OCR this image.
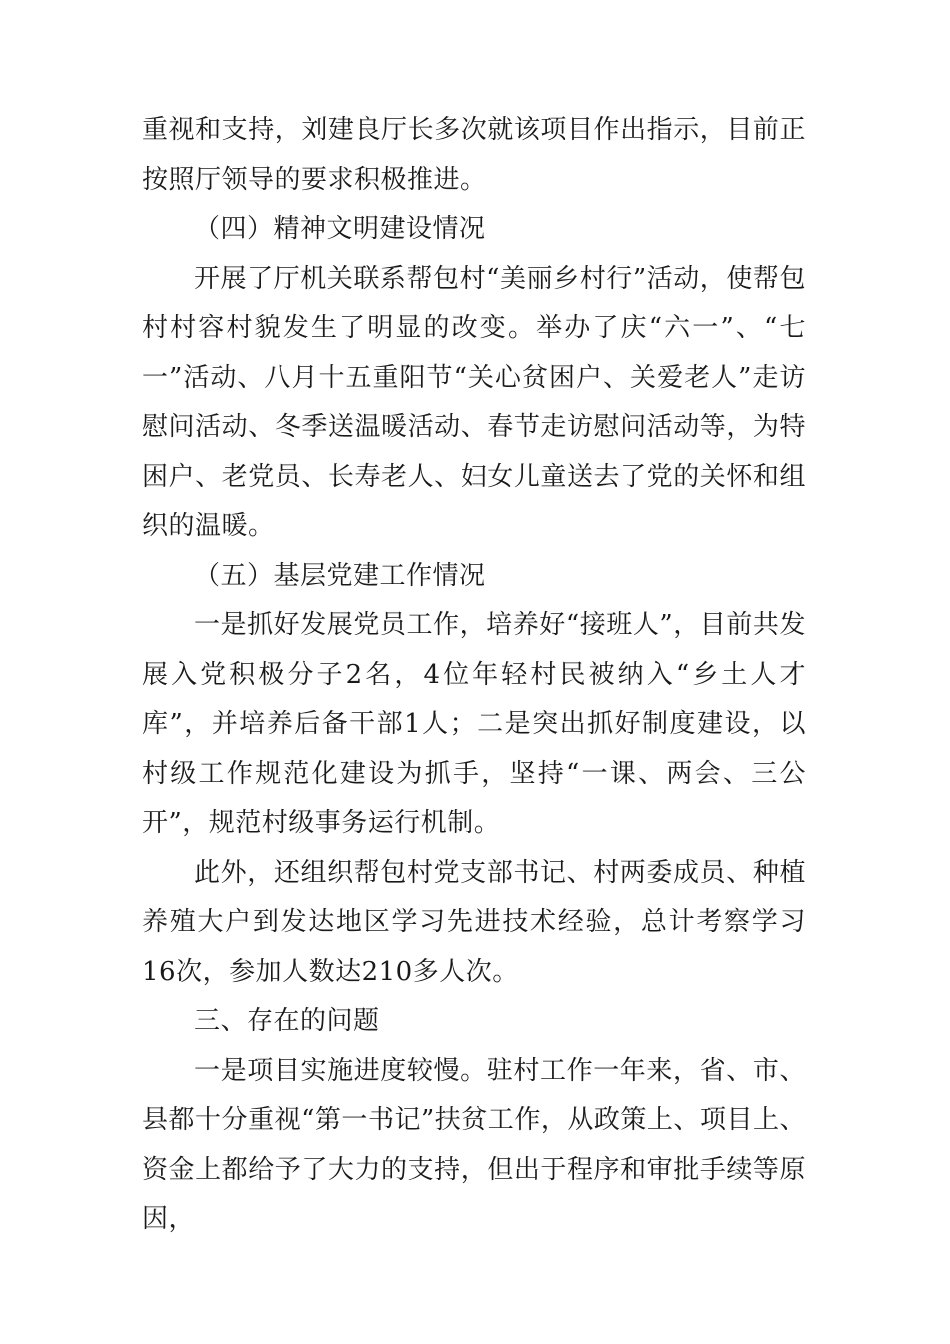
重视和支持，刘建良厅长多次就该项目作出指示，目前正按照厅领导的要求积极推进。

（四）精神文明建设情况

开展了厅机关联系帮包村“美丽乡村行”活动，使帮包村村容村貌发生了明显的改变。举办了庆“六一”、“七一”活动、八月十五重阳节“关心贫困户、关爱老人”走访慰问活动、冬季送温暖活动、春节走访慰问活动等，为特困户、老党员、长寿老人、妇女儿童送去了党的关怀和组织的温暖。

（五）基层党建工作情况

一是抓好发展党员工作，培养好“接班人”，目前共发展入党积极分子2名，4位年轻村民被纳入“乡土人才库”，并培养后备干部1人；二是突出抓好制度建设，以村级工作规范化建设为抓手，坚持“一课、两会、三公开”，规范村级事务运行机制。

此外，还组织帮包村党支部书记、村两委成员、种植养殖大户到发达地区学习先进技术经验，总计考察学习16次，参加人数达210多人次。

三、存在的问题

一是项目实施进度较慢。驻村工作一年来，省、市、县都十分重视“第一书记”扶贫工作，从政策上、项目上、资金上都给予了大力的支持，但出于程序和审批手续等原因，
